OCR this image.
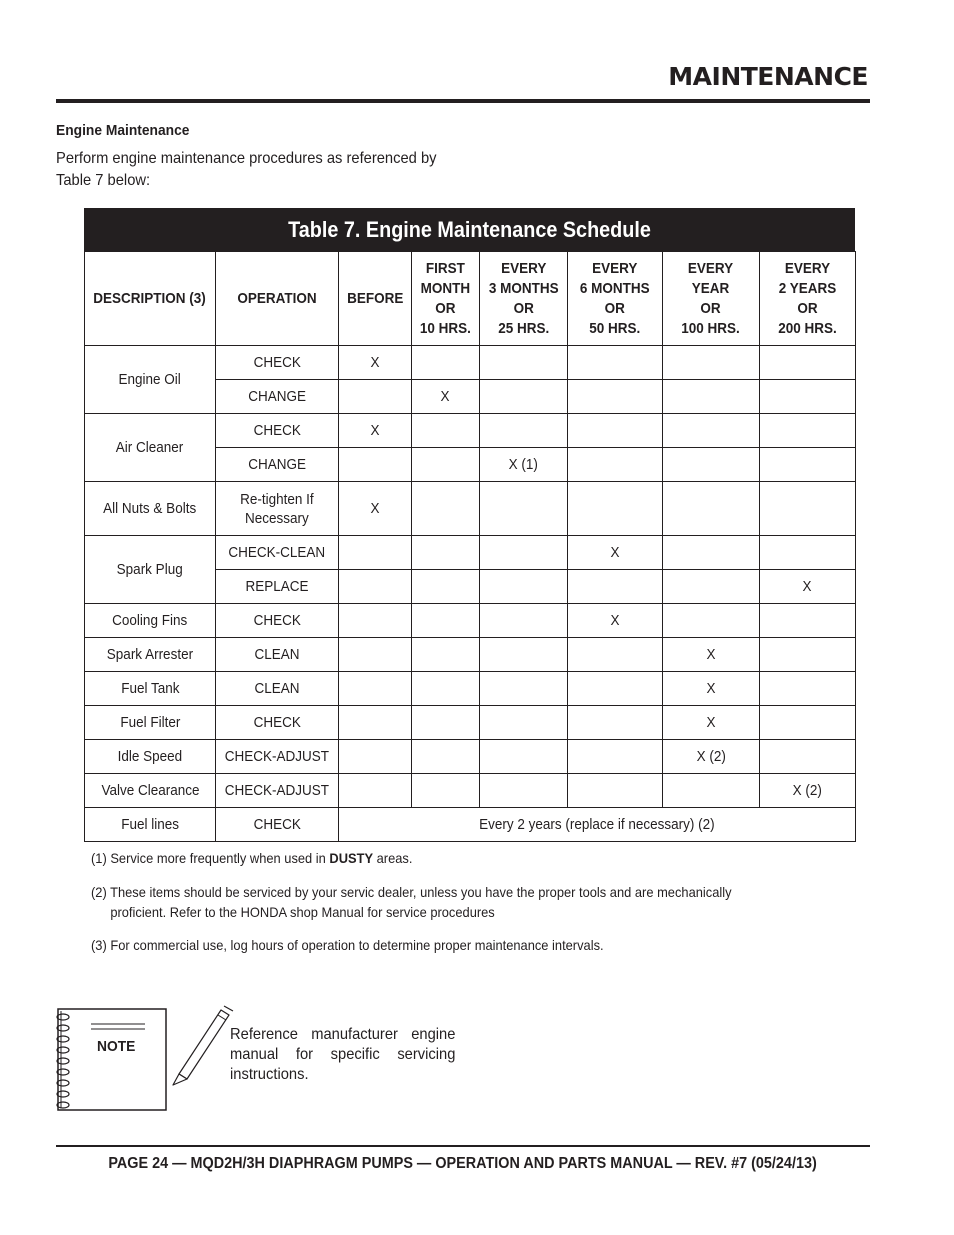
MAINTENANCE
Engine Maintenance
Perform engine maintenance procedures as referenced by Table 7 below:
Table 7. Engine Maintenance Schedule
DESCRIPTION (3)	OPERATION	BEFORE	FIRST
MONTH
OR
10 HRS.	EVERY
3 MONTHS
OR
25 HRS.	EVERY
6 MONTHS
OR
50 HRS.	EVERY
YEAR
OR
100 HRS.	EVERY
2 YEARS
OR
200 HRS.
Engine Oil	CHECK	X					
	CHANGE		X				
Air Cleaner	CHECK	X					
	CHANGE			X (1)			
All Nuts & Bolts	Re-tighten If
Necessary	X					
Spark Plug	CHECK-CLEAN				X		
	REPLACE						X
Cooling Fins	CHECK				X		
Spark Arrester	CLEAN					X	
Fuel Tank	CLEAN					X	
Fuel Filter	CHECK					X	
Idle Speed	CHECK-ADJUST					X (2)	
Valve Clearance	CHECK-ADJUST						X (2)
Fuel lines	CHECK	Every 2 years (replace if necessary) (2)					

(1) Service more frequently when used in DUSTY areas.

(2) These items should be serviced by your servic dealer, unless you have the proper tools and are mechanically
proficient. Refer to the HONDA shop Manual for service procedures

(3) For commercial use, log hours of operation to determine proper maintenance intervals.

NOTE
Reference manufacturer engine manual for specific servicing instructions.
PAGE 24 — MQD2H/3H DIAPHRAGM PUMPS — OPERATION AND PARTS MANUAL — REV. #7 (05/24/13)
